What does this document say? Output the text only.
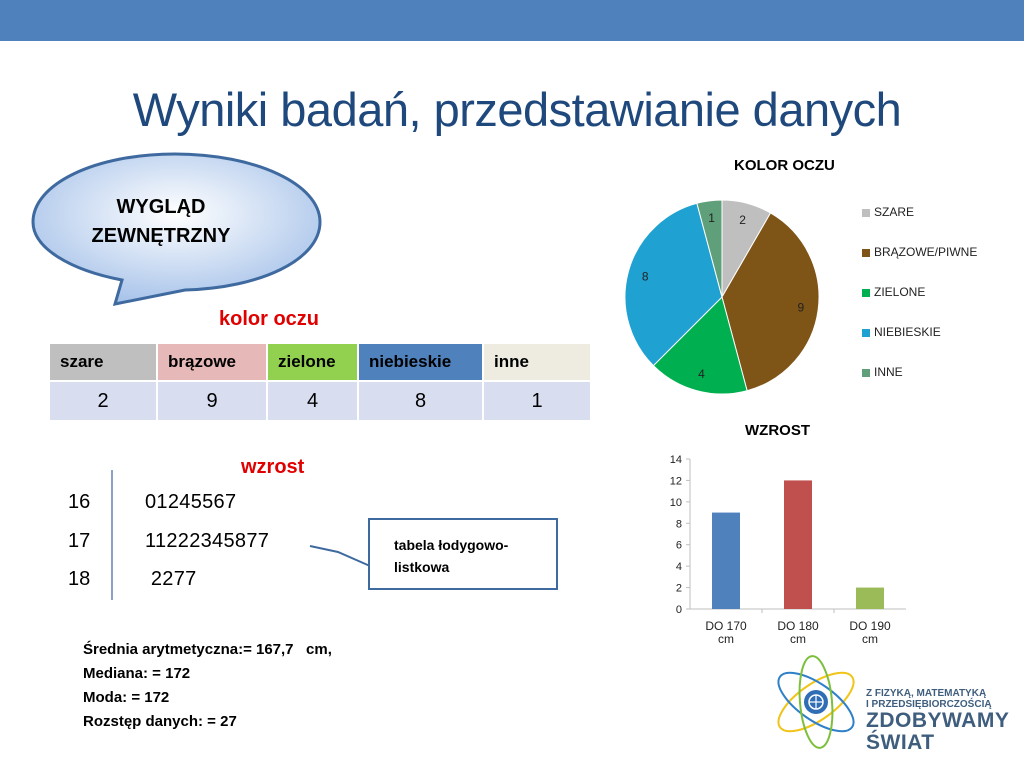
Wyniki badań, przedstawianie danych
WYGLĄD
ZEWNĘTRZNY
kolor oczu
szare	brązowe	zielone	niebieskie	inne
2	9	4	8	1
wzrost
16	01245567
17	11222345877
18	2277
tabela łodygowo-listkowa
Średnia arytmetyczna:= 167,7   cm,
Mediana: = 172
Moda: = 172
Rozstęp danych: = 27
KOLOR OCZU
2
9
4
8
1	SZARE
BRĄZOWE/PIWNE
ZIELONE
NIEBIESKIE
INNE
WZROST
0
2
4
6
8
10
12
14
DO 170
cm
DO 180
cm
DO 190
cm
Z FIZYKĄ, MATEMATYKĄ
I PRZEDSIĘBIORCZOŚCIĄ
ZDOBYWAMY
ŚWIAT
